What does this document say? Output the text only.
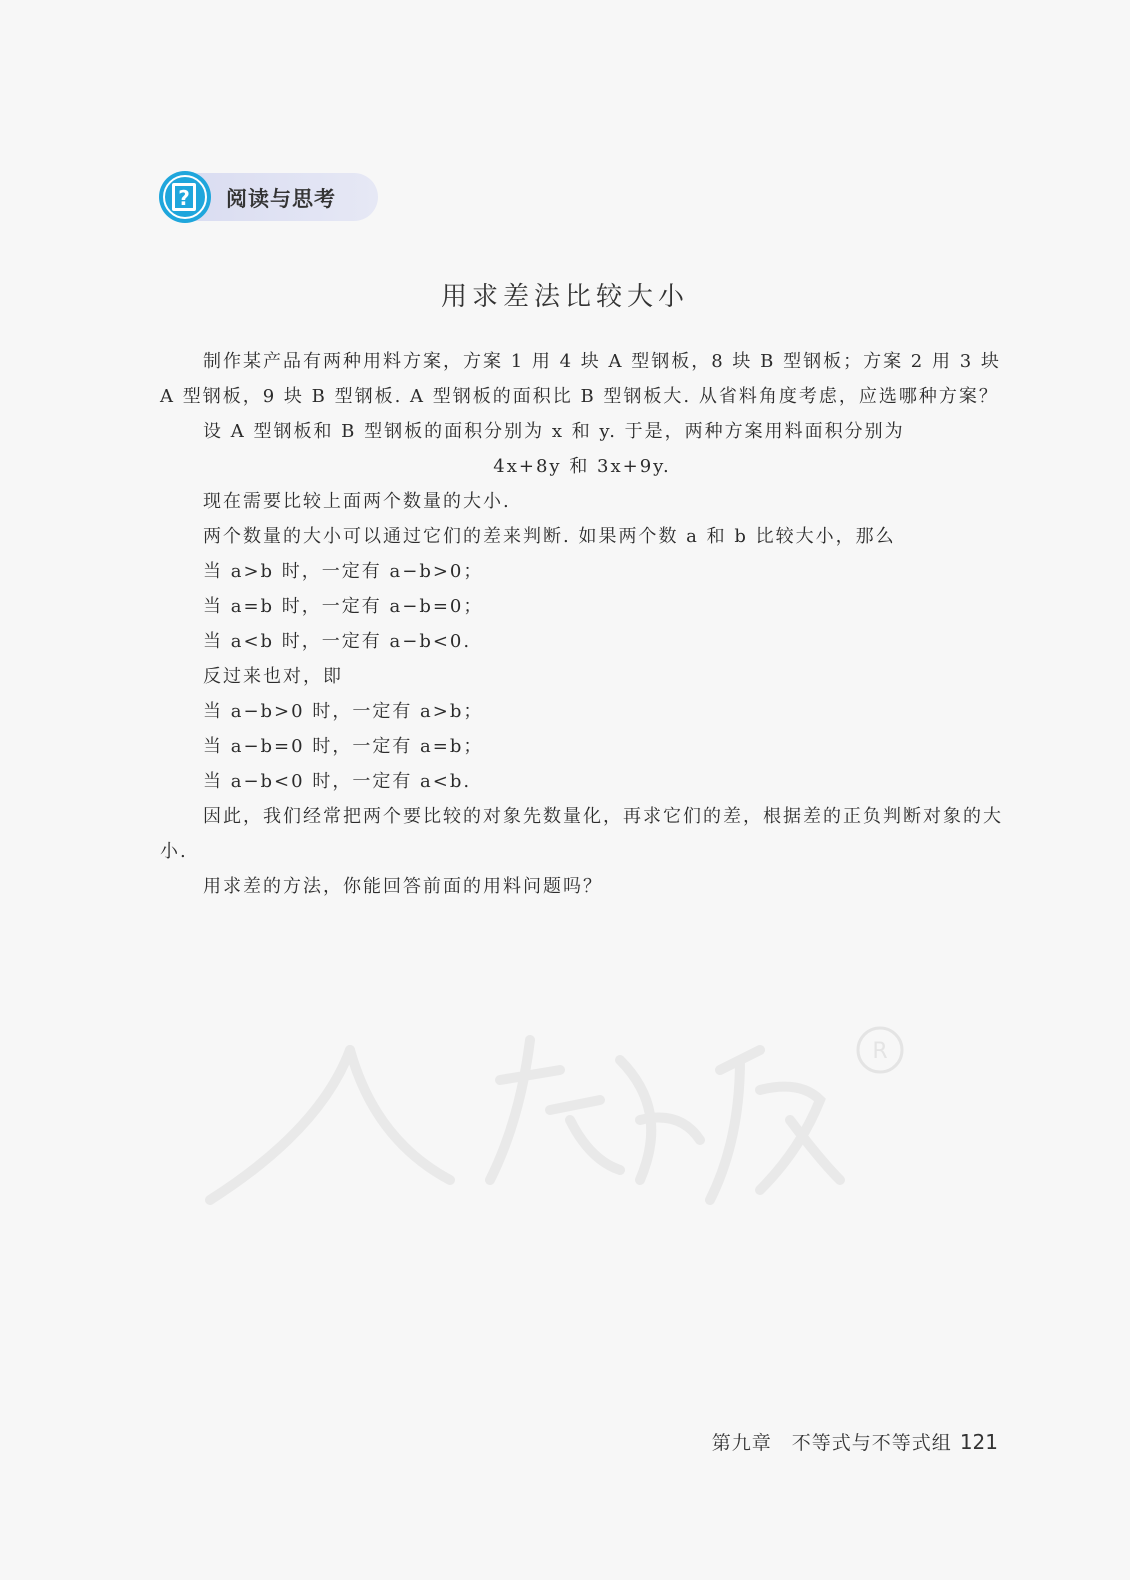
? 阅读与思考
用求差法比较大小

制作某产品有两种用料方案，方案 1 用 4 块 A 型钢板，8 块 B 型钢板；方案 2 用 3 块 A 型钢板，9 块 B 型钢板. A 型钢板的面积比 B 型钢板大. 从省料角度考虑，应选哪种方案？

设 A 型钢板和 B 型钢板的面积分别为 x 和 y. 于是，两种方案用料面积分别为

4x+8y 和 3x+9y.

现在需要比较上面两个数量的大小.

两个数量的大小可以通过它们的差来判断. 如果两个数 a 和 b 比较大小，那么

当 a>b 时，一定有 a−b>0；

当 a=b 时，一定有 a−b=0；

当 a<b 时，一定有 a−b<0.

反过来也对，即

当 a−b>0 时，一定有 a>b；

当 a−b=0 时，一定有 a=b；

当 a−b<0 时，一定有 a<b.

因此，我们经常把两个要比较的对象先数量化，再求它们的差，根据差的正负判断对象的大小.

用求差的方法，你能回答前面的用料问题吗？

R
第九章　不等式与不等式组 121
